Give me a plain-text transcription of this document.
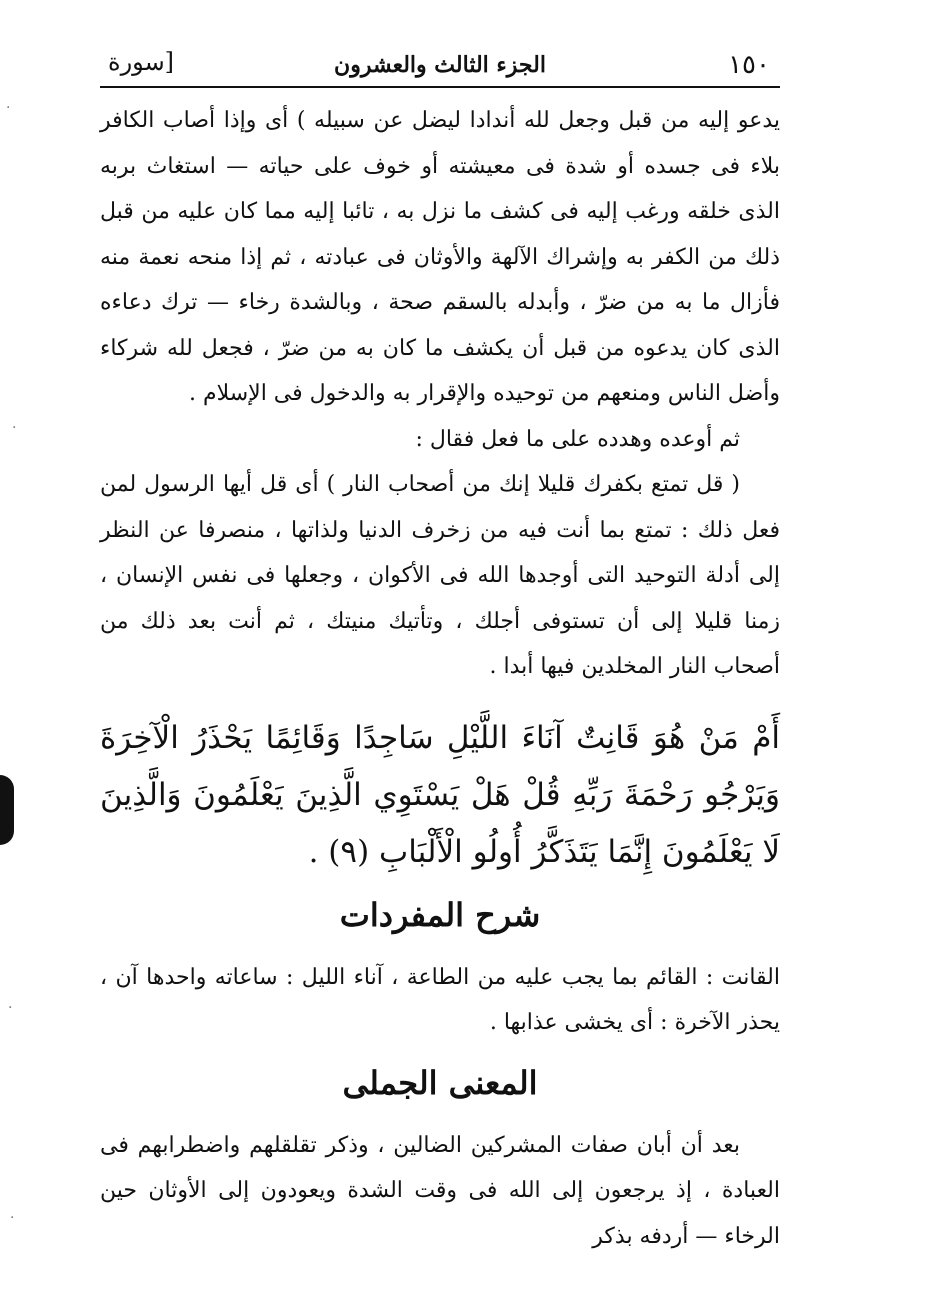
·
·
·
·
١٥٠
الجزء الثالث والعشرون
[سورة

يدعو إليه من قبل وجعل لله أندادا ليضل عن سبيله ) أى وإذا أصاب الكافر بلاء فى جسده أو شدة فى معيشته أو خوف على حياته — استغاث بربه الذى خلقه ورغب إليه فى كشف ما نزل به ، تائبا إليه مما كان عليه من قبل ذلك من الكفر به وإشراك الآلهة والأوثان فى عبادته ، ثم إذا منحه نعمة منه فأزال ما به من ضرّ ، وأبدله بالسقم صحة ، وبالشدة رخاء — ترك دعاءه الذى كان يدعوه من قبل أن يكشف ما كان به من ضرّ ، فجعل لله شركاء وأضل الناس ومنعهم من توحيده والإقرار به والدخول فى الإسلام .

ثم أوعده وهدده على ما فعل فقال :

( قل تمتع بكفرك قليلا إنك من أصحاب النار ) أى قل أيها الرسول لمن فعل ذلك : تمتع بما أنت فيه من زخرف الدنيا ولذاتها ، منصرفا عن النظر إلى أدلة التوحيد التى أوجدها الله فى الأكوان ، وجعلها فى نفس الإنسان ، زمنا قليلا إلى أن تستوفى أجلك ، وتأتيك منيتك ، ثم أنت بعد ذلك من أصحاب النار المخلدين فيها أبدا .

أَمْ مَنْ هُوَ قَانِتٌ آنَاءَ اللَّيْلِ سَاجِدًا وَقَائِمًا يَحْذَرُ الْآخِرَةَ وَيَرْجُو رَحْمَةَ رَبِّهِ قُلْ هَلْ يَسْتَوِي الَّذِينَ يَعْلَمُونَ وَالَّذِينَ لَا يَعْلَمُونَ إِنَّمَا يَتَذَكَّرُ أُولُو الْأَلْبَابِ (٩) .
شرح المفردات

القانت : القائم بما يجب عليه من الطاعة ، آناء الليل : ساعاته واحدها آن ، يحذر الآخرة : أى يخشى عذابها .

المعنى الجملى

بعد أن أبان صفات المشركين الضالين ، وذكر تقلقلهم واضطرابهم فى العبادة ، إذ يرجعون إلى الله فى وقت الشدة ويعودون إلى الأوثان حين الرخاء — أردفه بذكر
